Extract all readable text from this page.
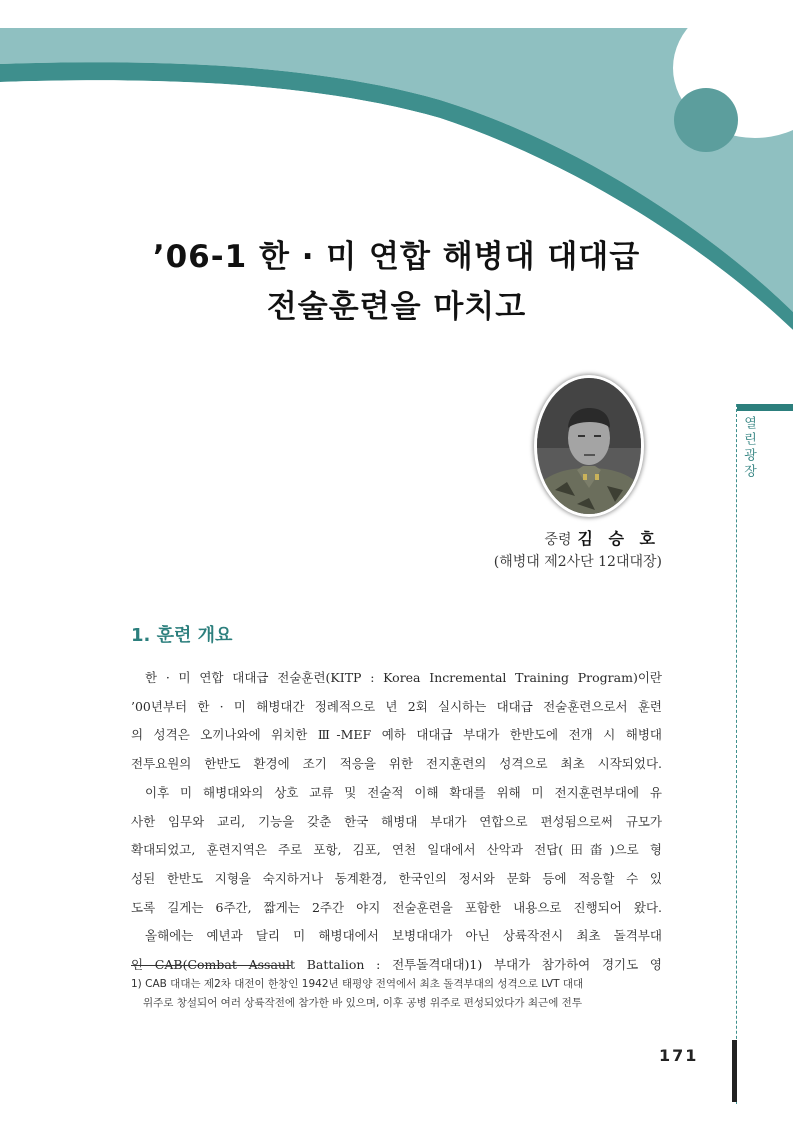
’06-1 한 · 미 연합 해병대 대대급
전술훈련을 마치고
중령 김 승 호
(해병대 제2사단 12대대장)
열린광장
1. 훈련 개요

한 · 미 연합 대대급 전술훈련(KITP : Korea Incremental Training Program)이란
’00년부터 한 · 미 해병대간 정례적으로 년 2회 실시하는 대대급 전술훈련으로서 훈련
의 성격은 오끼나와에 위치한 Ⅲ-MEF 예하 대대급 부대가 한반도에 전개 시 해병대
전투요원의 한반도 환경에 조기 적응을 위한 전지훈련의 성격으로 최초 시작되었다.
이후 미 해병대와의 상호 교류 및 전술적 이해 확대를 위해 미 전지훈련부대에 유
사한 임무와 교리, 기능을 갖춘 한국 해병대 부대가 연합으로 편성됨으로써 규모가
확대되었고, 훈련지역은 주로 포항, 김포, 연천 일대에서 산악과 전답(田畓)으로 형
성된 한반도 지형을 숙지하거나 동계환경, 한국인의 정서와 문화 등에 적응할 수 있
도록 길게는 6주간, 짧게는 2주간 야지 전술훈련을 포함한 내용으로 진행되어 왔다.
올해에는 예년과 달리 미 해병대에서 보병대대가 아닌 상륙작전시 최초 돌격부대
인 CAB(Combat Assault Battalion : 전투돌격대대)1) 부대가 참가하여 경기도 영

1) CAB 대대는 제2차 대전이 한창인 1942년 태평양 전역에서 최초 돌격부대의 성격으로 LVT 대대
위주로 창설되어 여러 상륙작전에 참가한 바 있으며, 이후 공병 위주로 편성되었다가 최근에 전투

171
